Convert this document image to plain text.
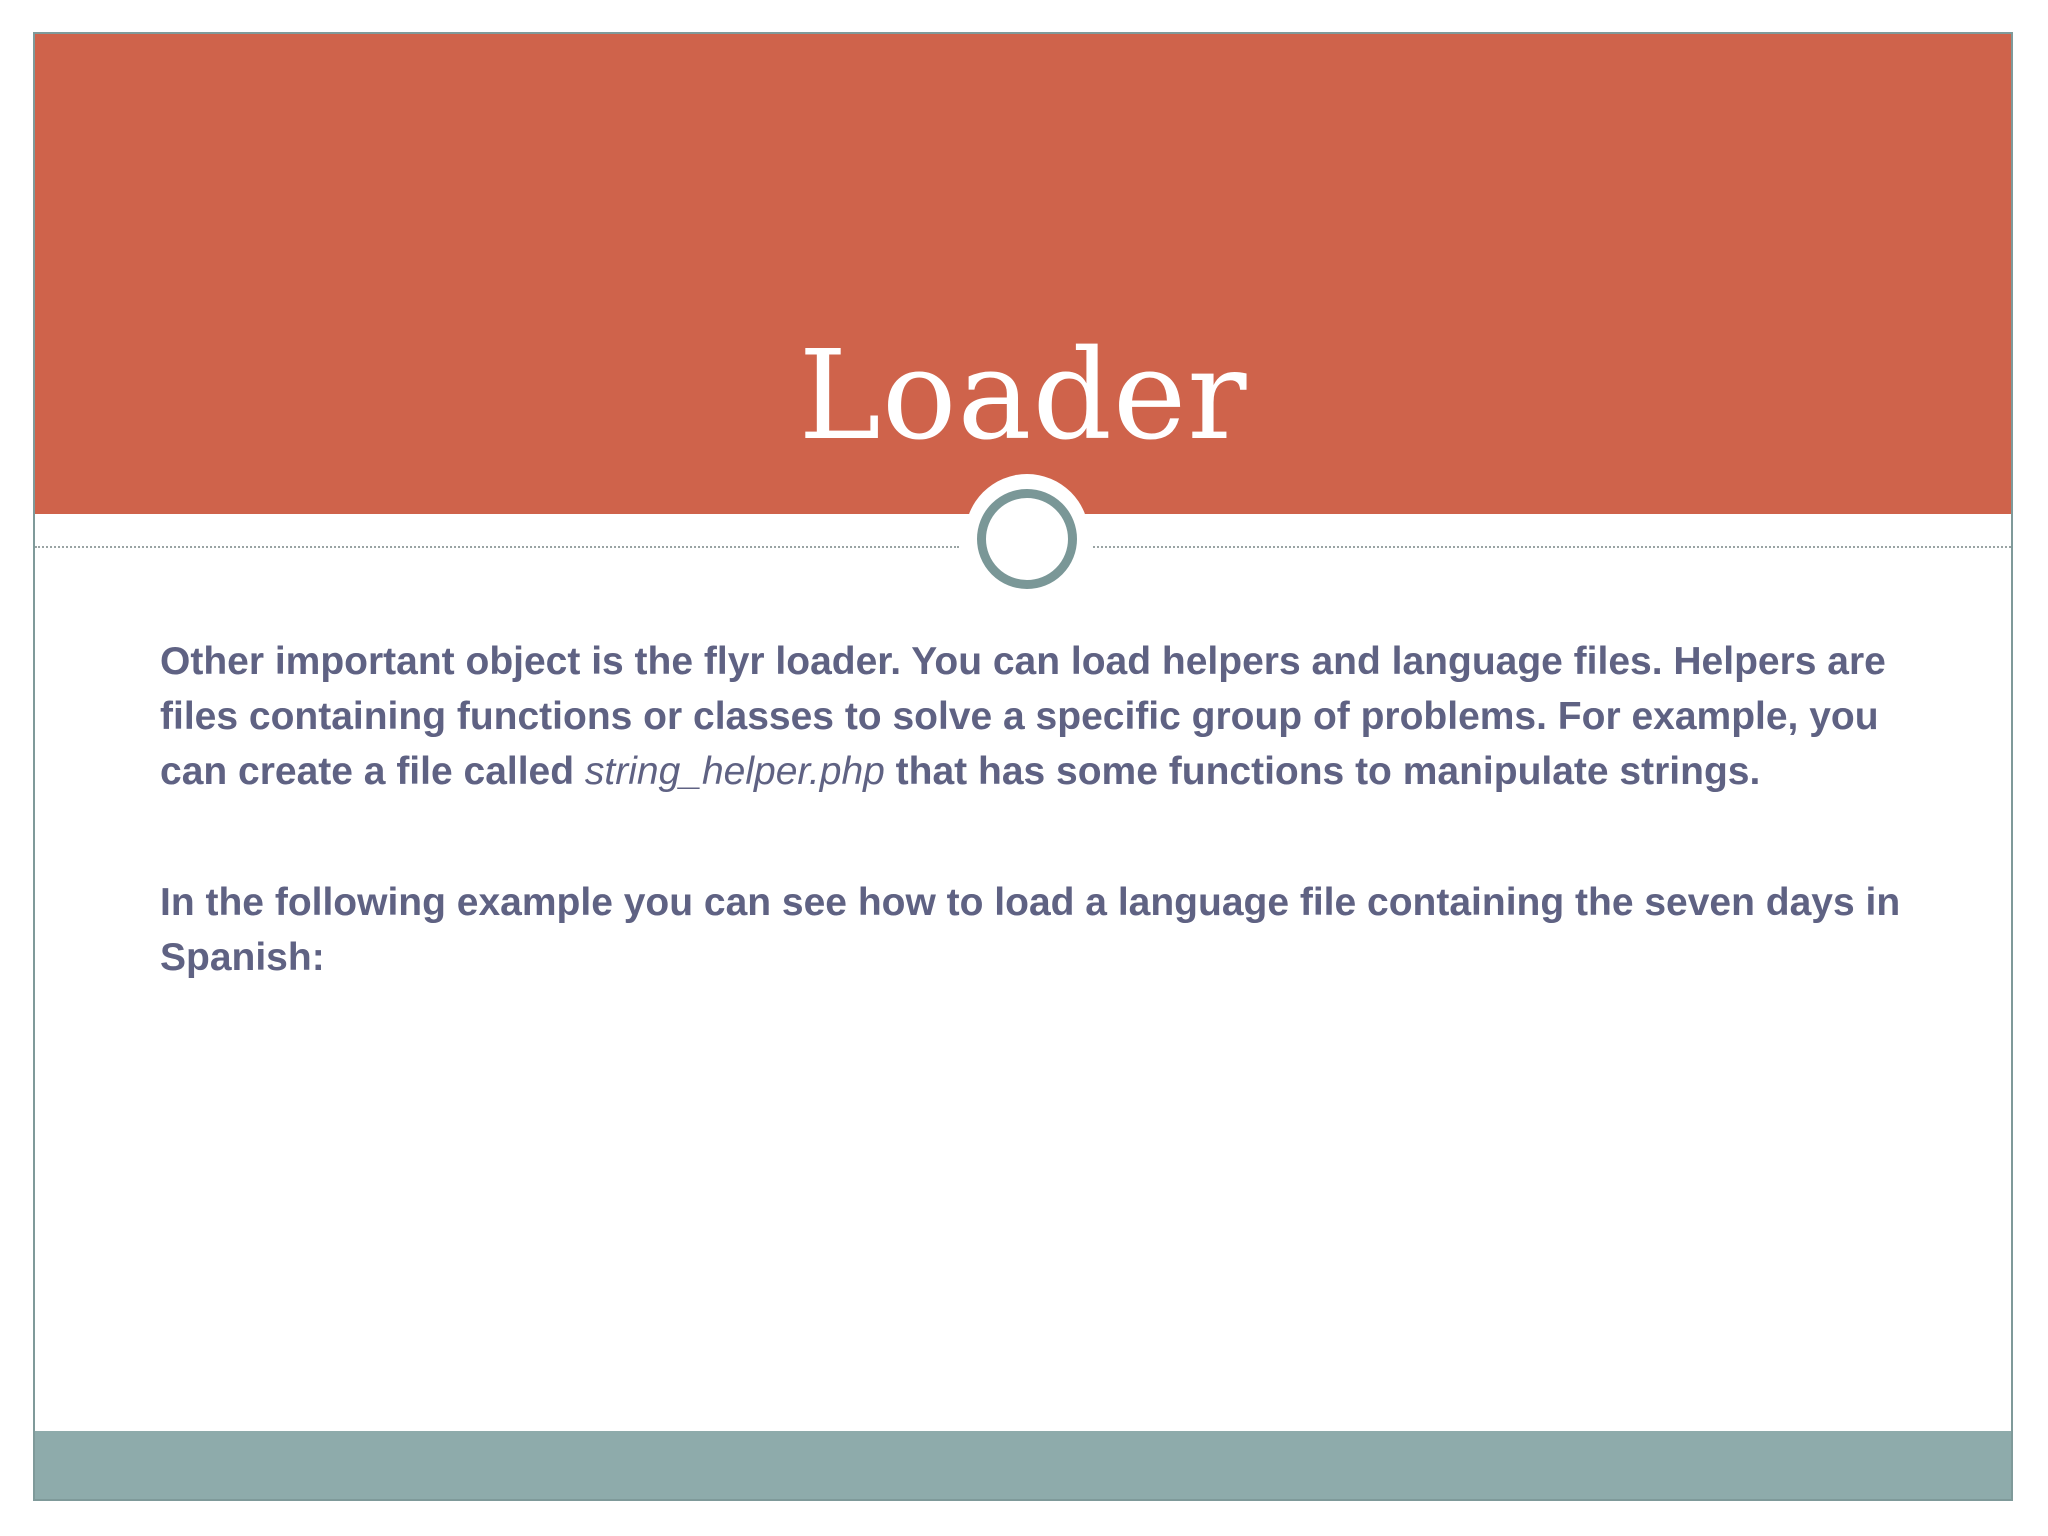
Loader

Other important object is the flyr loader. You can load helpers and language files. Helpers are files containing functions or classes to solve a specific group of problems. For example, you can create a file called string_helper.php that has some functions to manipulate strings.

In the following example you can see how to load a language file containing the seven days in Spanish:
